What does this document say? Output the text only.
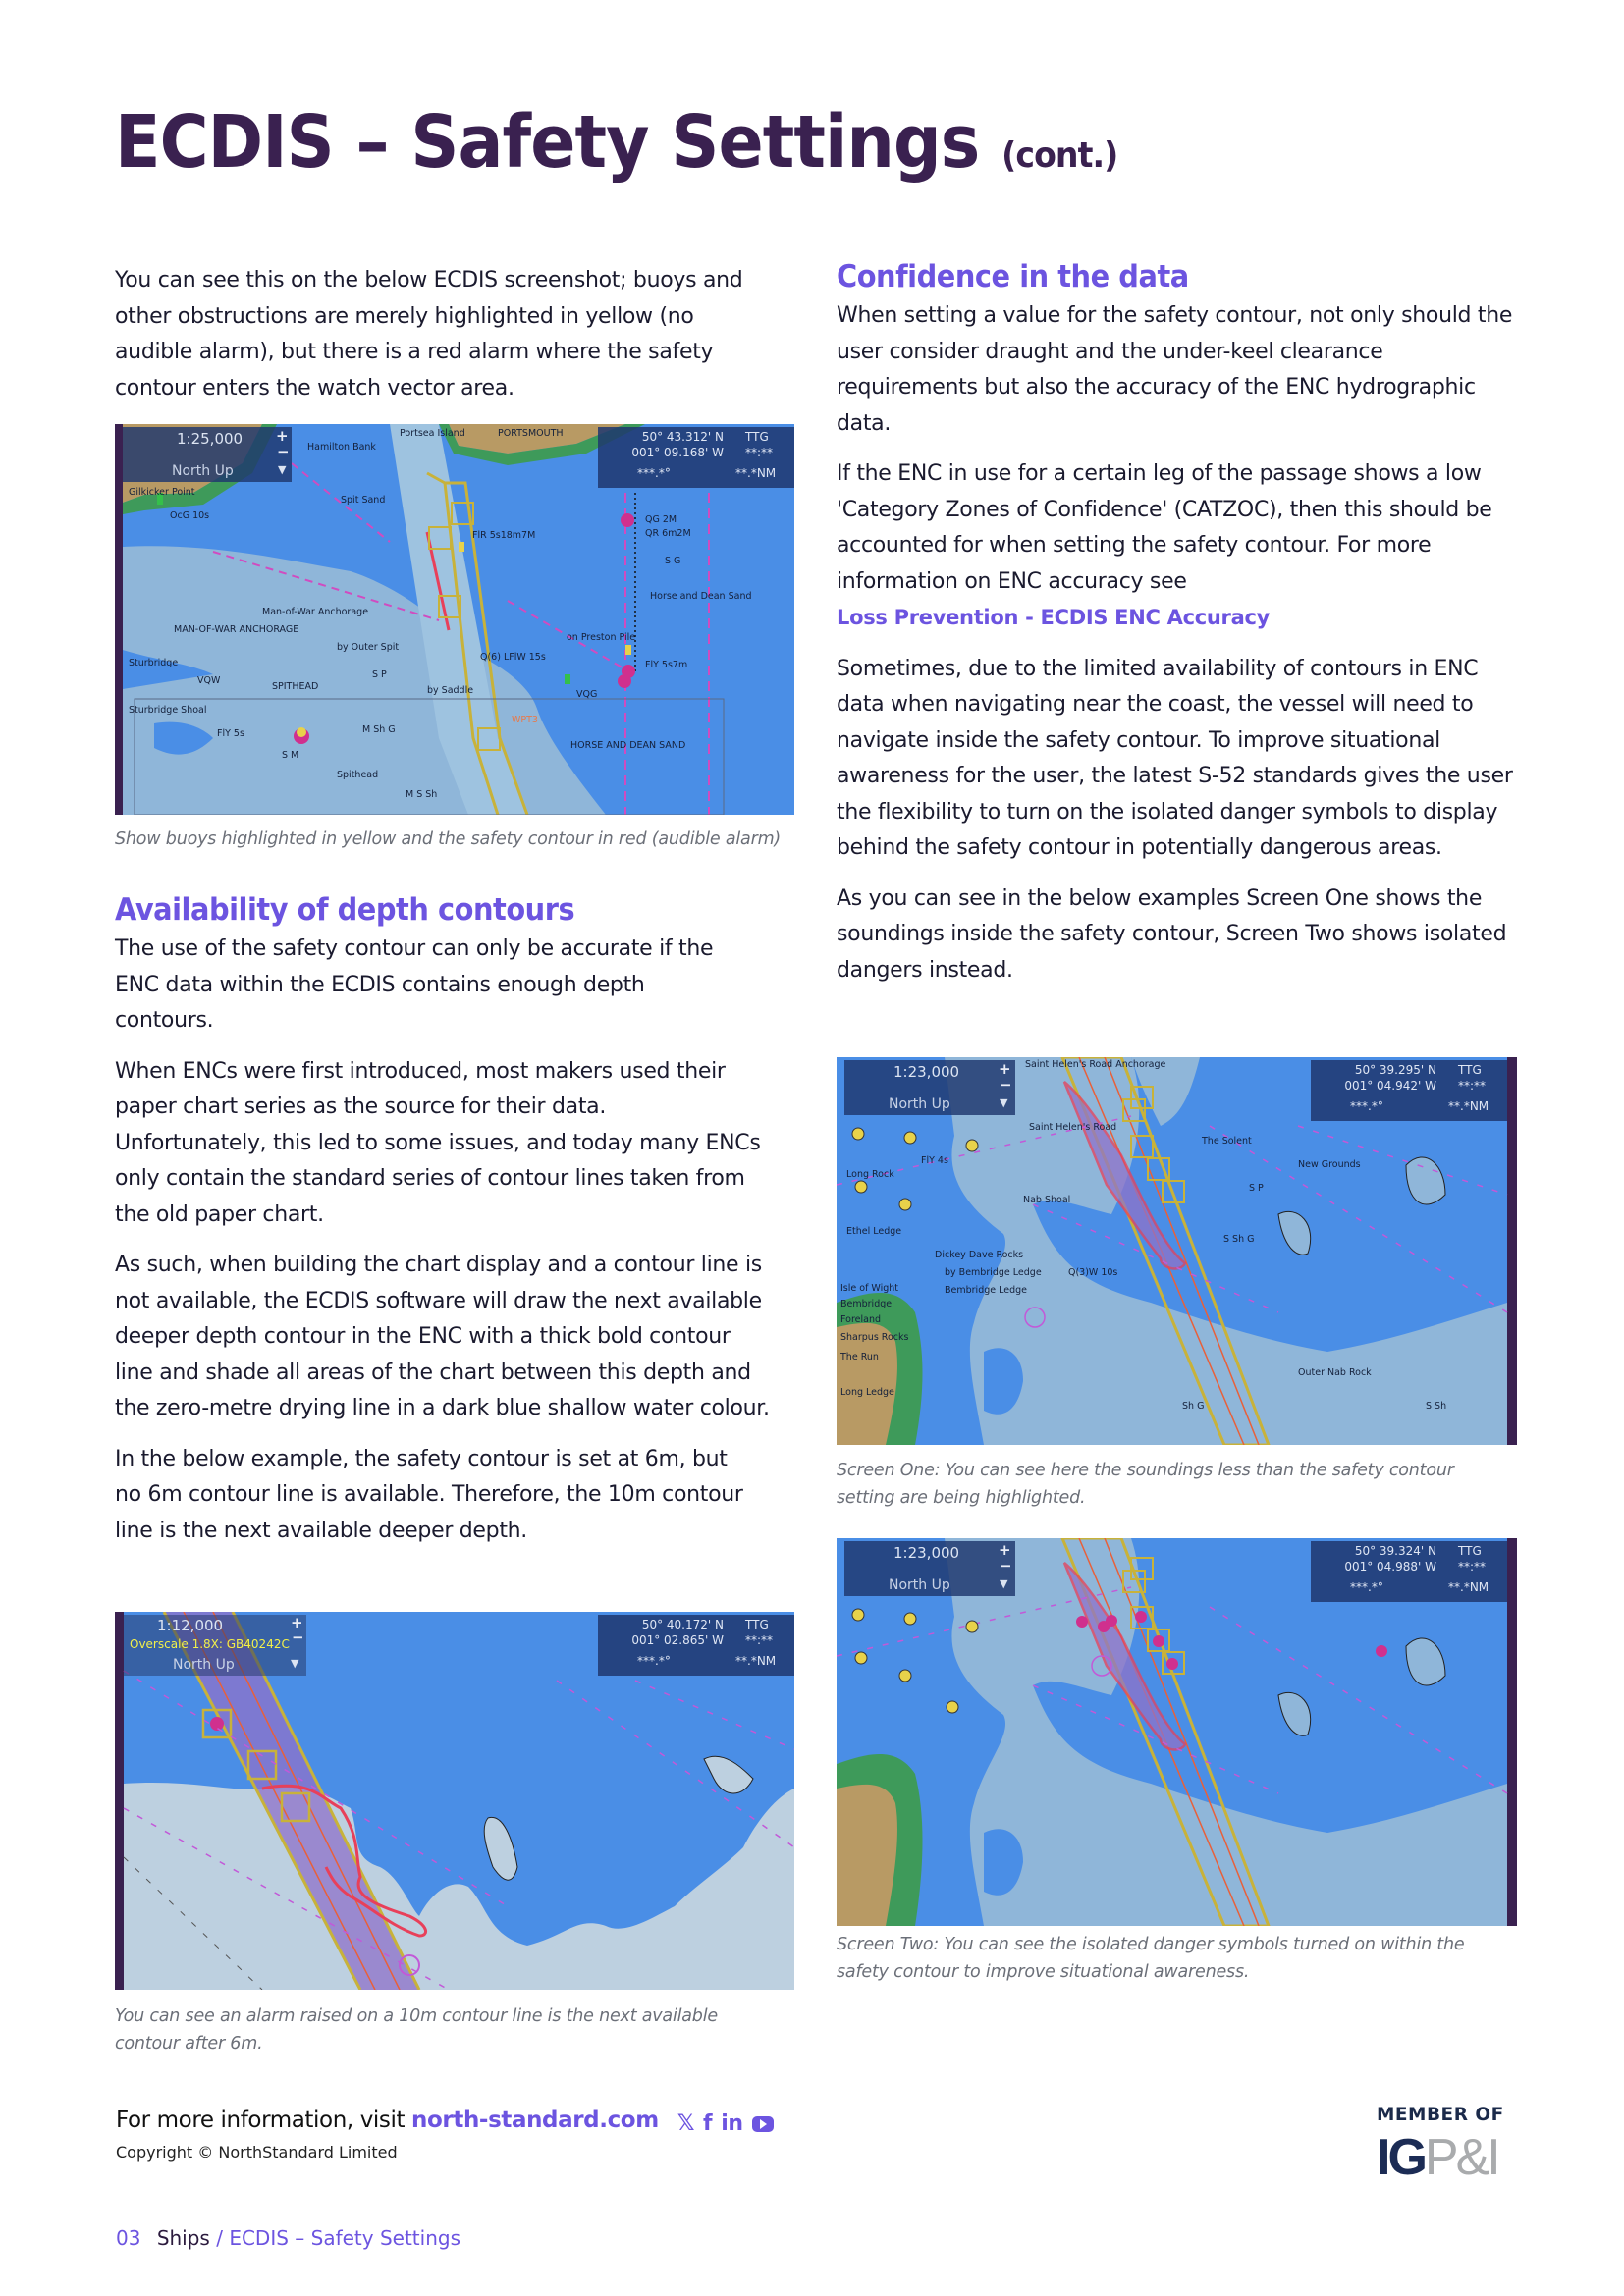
ECDIS – Safety Settings (cont.)

You can see this on the below ECDIS screenshot; buoys and other obstructions are merely highlighted in yellow (no audible alarm), but there is a red alarm where the safety contour enters the watch vector area.

1:25,000 +
−
North Up	▼
50° 43.312' N
001° 09.168' W
TTG
**:**
***.*°	**.*NM
Hamilton Bank
Portsea Island	PORTSMOUTH
Gilkicker Point
Spit Sand
OcG 10s	QG 2M
FlR 5s18m7M	QR 6m2M
S G
Man-of-War Anchorage
Horse and Dean Sand
MAN-OF-WAR ANCHORAGE
by Outer Spit
Q(6) LFlW 15s
Sturbridge
on Preston Pile
VQW
SPITHEAD
S P
FlY 5s7m
by Saddle	VQG
Sturbridge Shoal
FlY 5s
S M
M Sh G
WPT3
HORSE AND DEAN SAND
Spithead
M S Sh
Show buoys highlighted in yellow and the safety contour in red (audible alarm)
Availability of depth contours

The use of the safety contour can only be accurate if the ENC data within the ECDIS contains enough depth contours.

When ENCs were first introduced, most makers used their paper chart series as the source for their data. Unfortunately, this led to some issues, and today many ENCs only contain the standard series of contour lines taken from the old paper chart.

As such, when building the chart display and a contour line is not available, the ECDIS software will draw the next available deeper depth contour in the ENC with a thick bold contour line and shade all areas of the chart between this depth and the zero-metre drying line in a dark blue shallow water colour.

In the below example, the safety contour is set at 6m, but no 6m contour line is available. Therefore, the 10m contour line is the next available deeper depth.

1:12,000	+
−
Overscale 1.8X: GB40242C
North Up	▼
50° 40.172' N
001° 02.865' W
TTG
**:**
***.*°	**.*NM
You can see an alarm raised on a 10m contour line is the next available contour after 6m.
Confidence in the data

When setting a value for the safety contour, not only should the user consider draught and the under-keel clearance requirements but also the accuracy of the ENC hydrographic data.

If the ENC in use for a certain leg of the passage shows a low 'Category Zones of Confidence' (CATZOC), then this should be accounted for when setting the safety contour. For more information on ENC accuracy see
Loss Prevention - ECDIS ENC Accuracy

Sometimes, due to the limited availability of contours in ENC data when navigating near the coast, the vessel will need to navigate inside the safety contour. To improve situational awareness for the user, the latest S-52 standards gives the user the flexibility to turn on the isolated danger symbols to display behind the safety contour in potentially dangerous areas.

As you can see in the below examples Screen One shows the soundings inside the safety contour, Screen Two shows isolated dangers instead.

1:23,000	+
−
North Up	▼
50° 39.295' N
001° 04.942' W
TTG
**:**
***.*°	**.*NM
Saint Helen's Road Anchorage
Saint Helen's Road
FlY 4s
The Solent
Long Rock
New Grounds
S P
Nab Shoal
Ethel Ledge
S Sh G
Dickey Dave Rocks
by Bembridge Ledge	Q(3)W 10s
Isle of Wight	Bembridge Ledge
Bembridge
Foreland
Sharpus Rocks
The Run
Outer Nab Rock
Long Ledge
Sh G	S Sh
Screen One: You can see here the soundings less than the safety contour setting are being highlighted.
1:23,000	+
−
North Up	▼
50° 39.324' N
001° 04.988' W
TTG
**:**
***.*°	**.*NM
Screen Two: You can see the isolated danger symbols turned on within the safety contour to improve situational awareness.
For more information, visit north-standard.com 𝕏 f in
Copyright © NorthStandard Limited
MEMBER OF
IGP&I
03 Ships / ECDIS – Safety Settings
